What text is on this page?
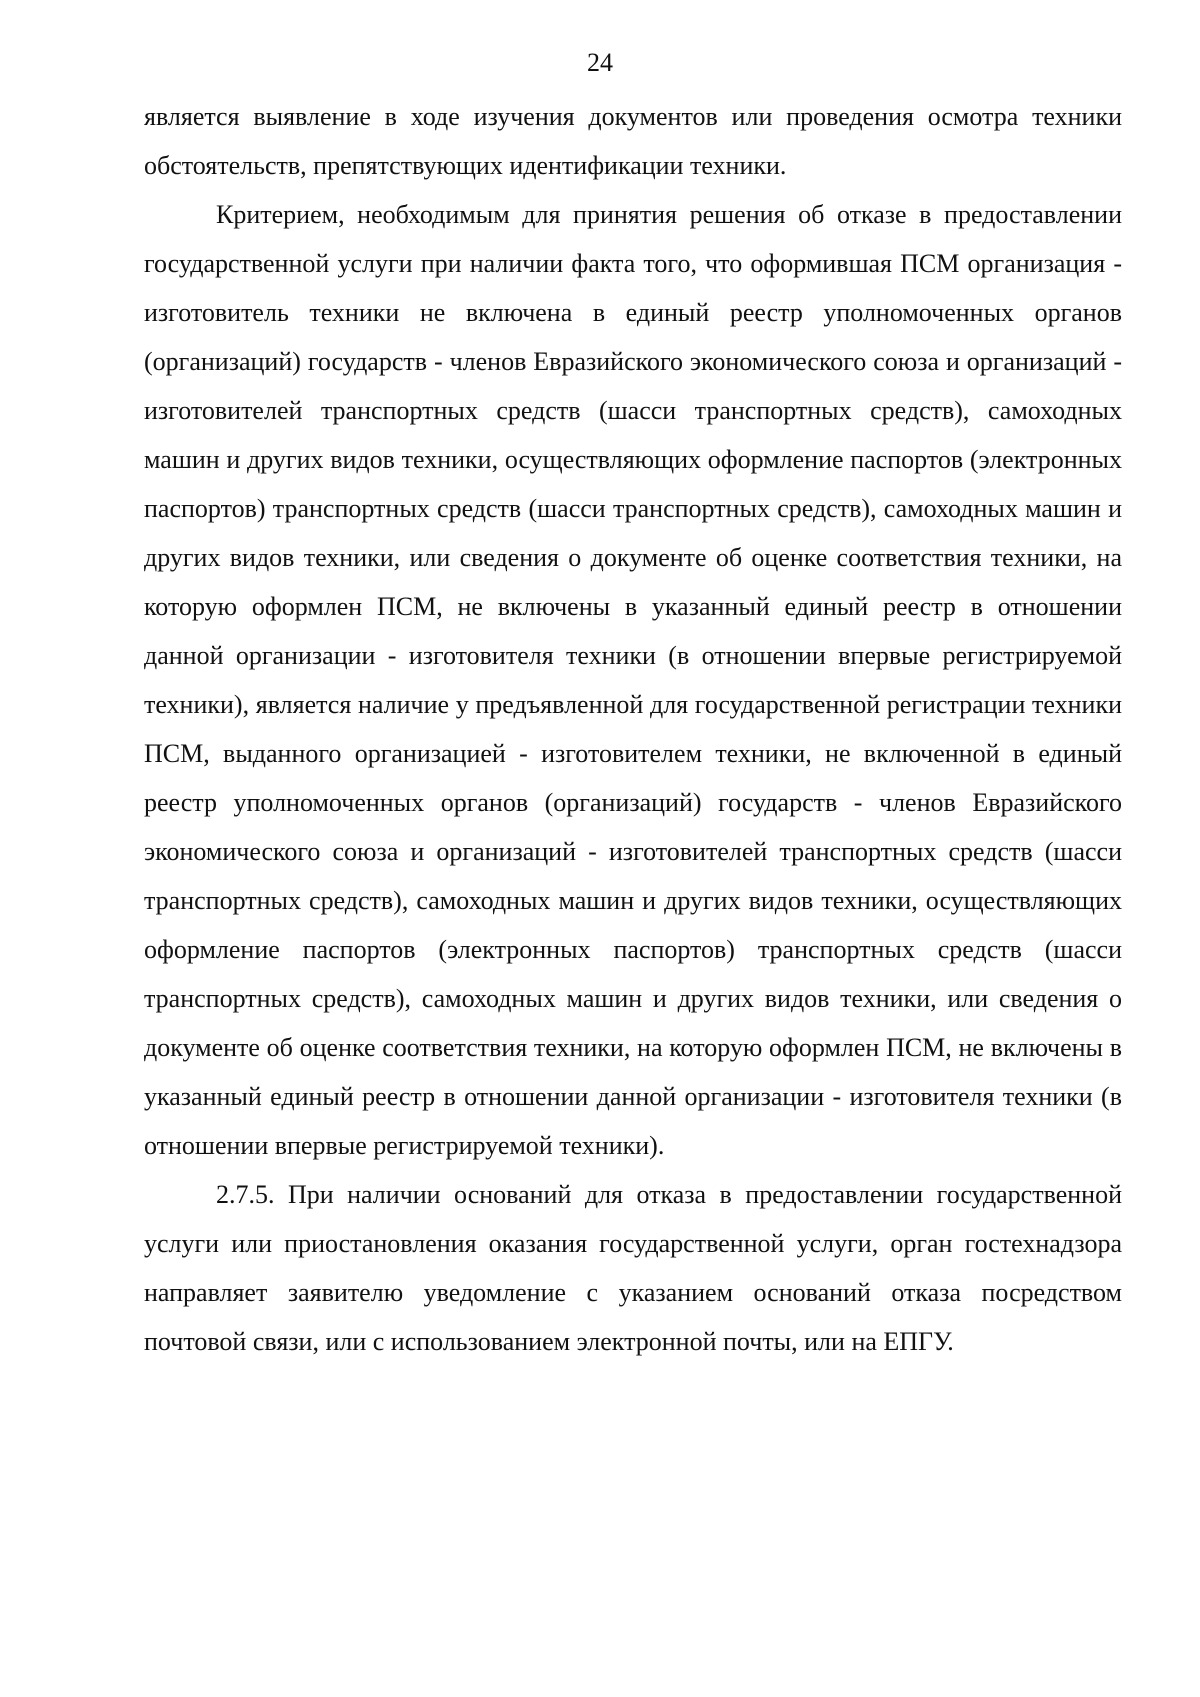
24

является выявление в ходе изучения документов или проведения осмотра техники обстоятельств, препятствующих идентификации техники.

Критерием, необходимым для принятия решения об отказе в предоставлении государственной услуги при наличии факта того, что оформившая ПСМ организация - изготовитель техники не включена в единый реестр уполномоченных органов (организаций) государств - членов Евразийского экономического союза и организаций - изготовителей транспортных средств (шасси транспортных средств), самоходных машин и других видов техники, осуществляющих оформление паспортов (электронных паспортов) транспортных средств (шасси транспортных средств), самоходных машин и других видов техники, или сведения о документе об оценке соответствия техники, на которую оформлен ПСМ, не включены в указанный единый реестр в отношении данной организации - изготовителя техники (в отношении впервые регистрируемой техники), является наличие у предъявленной для государственной регистрации техники ПСМ, выданного организацией - изготовителем техники, не включенной в единый реестр уполномоченных органов (организаций) государств - членов Евразийского экономического союза и организаций - изготовителей транспортных средств (шасси транспортных средств), самоходных машин и других видов техники, осуществляющих оформление паспортов (электронных паспортов) транспортных средств (шасси транспортных средств), самоходных машин и других видов техники, или сведения о документе об оценке соответствия техники, на которую оформлен ПСМ, не включены в указанный единый реестр в отношении данной организации - изготовителя техники (в отношении впервые регистрируемой техники).

2.7.5. При наличии оснований для отказа в предоставлении государственной услуги или приостановления оказания государственной услуги, орган гостехнадзора направляет заявителю уведомление с указанием оснований отказа посредством почтовой связи, или с использованием электронной почты, или на ЕПГУ.
